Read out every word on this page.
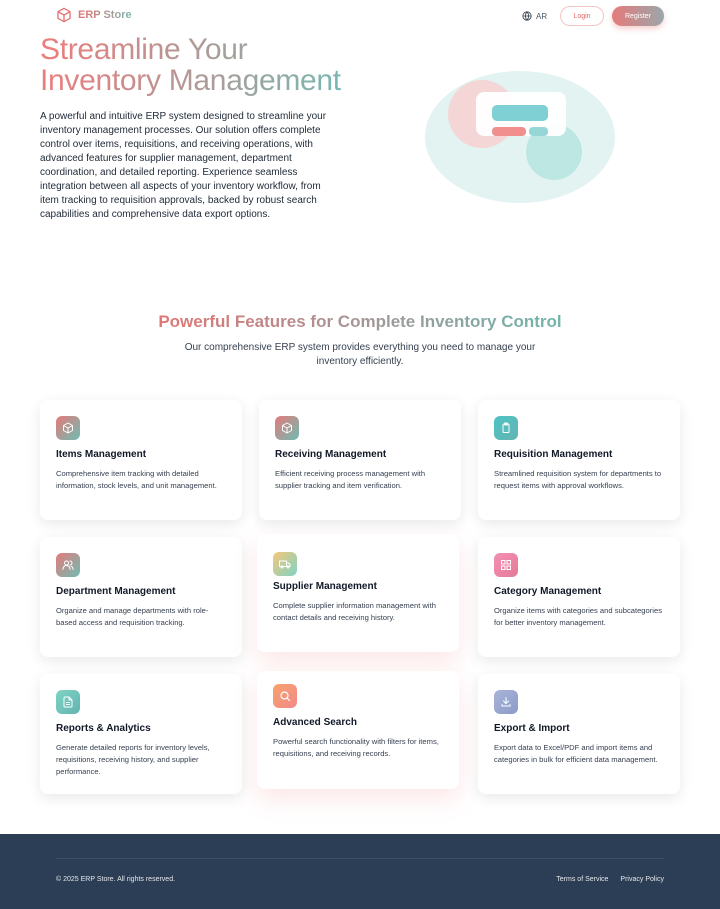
ERP Store	AR	Login	Register
Streamline Your
Inventory Management

A powerful and intuitive ERP system designed to streamline your inventory management processes. Our solution offers complete control over items, requisitions, and receiving operations, with advanced features for supplier management, department coordination, and detailed reporting. Experience seamless integration between all aspects of your inventory workflow, from item tracking to requisition approvals, backed by robust search capabilities and comprehensive data export options.

Powerful Features for Complete Inventory Control

Our comprehensive ERP system provides everything you need to manage your inventory efficiently.

Items Management
Comprehensive item tracking with detailed information, stock levels, and unit management.
Receiving Management
Efficient receiving process management with supplier tracking and item verification.
Requisition Management
Streamlined requisition system for departments to request items with approval workflows.
Department Management
Organize and manage departments with role-based access and requisition tracking.
Supplier Management
Complete supplier information management with contact details and receiving history.
Category Management
Organize items with categories and subcategories for better inventory management.
Reports & Analytics
Generate detailed reports for inventory levels, requisitions, receiving history, and supplier performance.
Advanced Search
Powerful search functionality with filters for items, requisitions, and receiving records.
Export & Import
Export data to Excel/PDF and import items and categories in bulk for efficient data management.
© 2025 ERP Store. All rights reserved.	Terms of Service Privacy Policy
